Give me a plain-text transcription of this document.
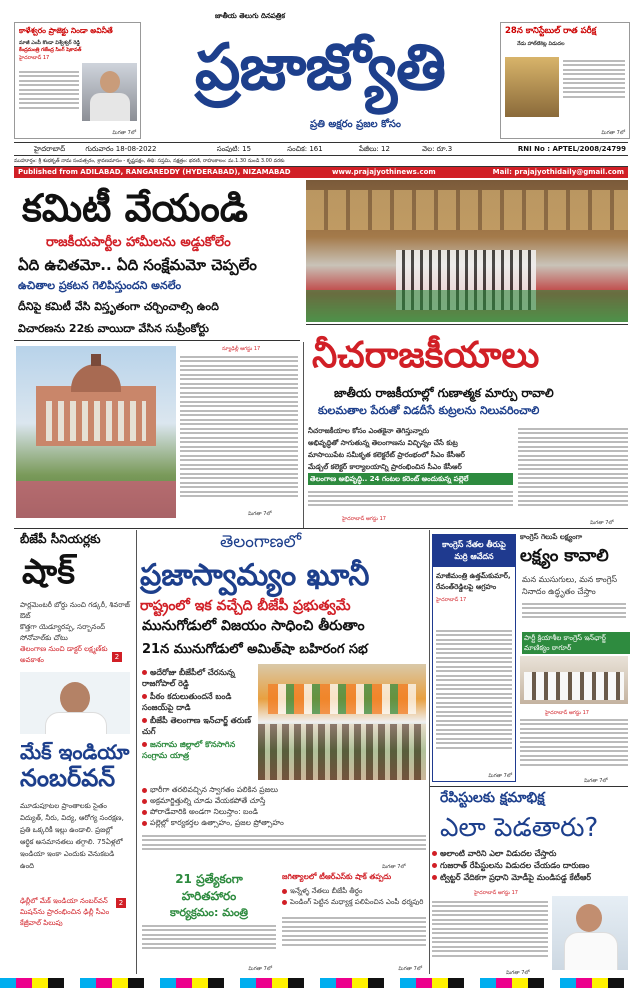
కాళేశ్వరం ప్రాజెక్టు నిండా అవినీతే
మాజీ ఎంపీ కొండా విశ్వేశ్వర్ రెడ్డి
కేంద్రమంత్రి గజేంద్ర సింగ్ షెకావత్
హైదరాబాద్‌ 17
మిగతా 7లో
జాతీయ తెలుగు దినపత్రిక
ప్రజాజ్యోతి
ప్రతి అక్షరం ప్రజల కోసం
28న కానిస్టేబుల్ రాత పరీక్ష
నేడు హాల్‌టికెట్ల విడుదల
మిగతా 7లో
హైదరాబాద్	గురువారం 18-08-2022	సంపుటి: 15	సంచిక: 161	పేజీలు: 12	వెల: రూ.3	RNI No : APTEL/2008/24799
ముహూర్తం: శ్రీ శుభకృత్ నామ సంవత్సరం, శ్రావణమాసం - కృష్ణపక్షం, తిథి: సప్తమి, నక్షత్రం: భరణి, రాహుకాలం: మ.1.30 నుండి 3.00 వరకు
Published from ADILABAD, RANGAREDDY (HYDERABAD), NIZAMABAD	www.prajajyothinews.com	Mail: prajajyothidaily@gmail.com
కమిటీ వేయండి
రాజకీయపార్టీల హామీలను అడ్డుకోలేం
ఏది ఉచితమో.. ఏది సంక్షేమమో చెప్పలేం
ఉచితాల ప్రకటన గెలిపిస్తుందని అనలేం
దీనిపై కమిటీ వేసి విస్తృతంగా చర్చించాల్సి ఉంది
విచారణను 22కు వాయిదా వేసిన సుప్రీంకోర్టు
న్యూఢిల్లీ ఆగస్టు 17
మిగతా 7లో
నీచరాజకీయాలు
జాతీయ రాజకీయాల్లో గుణాత్మక మార్పు రావాలి
కులమతాల పేరుతో విడదీసే కుట్రలను నిలువరించాలి
నీచరాజకీయాల కోసం ఎంతకైనా తెగిస్తున్నారు
అభివృద్ధితో సాగుతున్న తెలంగాణను విచ్ఛిన్నం చేసే కుట్ర
మాసాయిపేట సమీకృత కలెక్టరేట్ ప్రారంభంలో సీఎం కేసీఆర్
మేడ్చల్ కలెక్టర్ కార్యాలయాన్ని ప్రారంభించిన సీఎం కేసీఆర్
తెలంగాణ అభివృద్ధి.. 24 గంటల కరెంట్ అందుకున్న పల్లెలే
హైదరాబాద్‌ ఆగస్టు 17
మిగతా 7లో
బీజేపీ సీనియర్లకు
షాక్
పార్లమెంటరీ బోర్డు నుంచి గడ్కరీ, శివరాజ్ ఔట్
కొత్తగా యెడ్యూరప్ప, సర్బానంద్ సోనోవాల్‌కు చోటు
తెలంగాణ నుంచి డాక్టర్ లక్ష్మణ్‌కు అవకాశం	2
మేక్ ఇండియా
నంబర్‌వన్
మూడుపూటల ప్రాంతాలకు సైతం విద్యుత్, నీరు, విద్య, ఆరోగ్య సంరక్షణ, ప్రతి ఒక్కరికీ ఇల్లు ఉండాలి. ప్రజల్లో ఆర్థిక అసమానతలు తగ్గాలి. 75ఏళ్లలో ఇండియా ఇంకా ఎందుకు వెనుకబడి ఉంది
ఢిల్లీలో మేక్ ఇండియా నంబర్‌వన్ మిషన్‌ను ప్రారంభించిన ఢిల్లీ సీఎం కేజ్రీవాల్ పిలుపు
2
తెలంగాణలో
ప్రజాస్వామ్యం ఖూనీ
రాష్ట్రంలో ఇక వచ్చేది బీజేపీ ప్రభుత్వమే
మునుగోడులో విజయం సాధించి తీరుతాం
21న మునుగోడులో అమిత్‌షా బహిరంగ సభ
అదేరోజు బీజేపీలో చేరనున్న రాజగోపాల్ రెడ్డి
పీఠం కదులుతుందనే బండి సంజయ్‌పై దాడి
బీజేపీ తెలంగాణ ఇన్‌చార్జ్ తరుణ్ చుగ్
జనగామ జిల్లాలో కొనసాగిన సంగ్రామ యాత్ర
భారీగా తరలివచ్చిన స్వాగతం పలికిన ప్రజలు
అక్రమార్జిత్తుల్ని చూడు వేయకపోతే చూస్తే
పోరాడేవారికి అండగా నిలుస్తాం: బండి
పల్లెల్లో కార్యకర్తల ఉత్సాహం, ప్రజల ప్రోత్సాహం
మిగతా 7లో
21 ప్రత్యేకంగా
హరితహారం
కార్యక్రమం: మంత్రి
మిగతా 7లో
జగిత్యాలలో టీఆర్ఎస్‌కు షాక్ తప్పదు
ఇన్నేళ్ళ నేతలు బీజేపీ తీర్థం
పెండింగ్ పెట్టిన మధ్యాక్త పలిపించిన ఎంపీ ధర్మపురి
మిగతా 7లో
కాంగ్రెస్ నేతల తీరుపై మర్రి ఆవేదన
మాజీమంత్రి ఉత్తమ్‌కుమార్, రేవంత్‌రెడ్డిలపై ఆగ్రహం
హైదరాబాద్‌ 17
మిగతా 7లో
కాంగ్రెస్ గెలుపే లక్ష్యంగా
లక్ష్యం కావాలి
మన ముసుగులు, మన కాంగ్రెస్
నినాదం ఉద్ధృతం చేస్తాం
పార్టీ క్రియాశీల కాంగ్రెస్ ఇన్‌ఛార్జ్ మాణిక్యం ఠాగూర్
హైదరాబాద్ ఆగస్టు 17
మిగతా 7లో
రేపిస్టులకు క్షమాభిక్ష
ఎలా పెడతారు?
అలాంటి వారిని ఎలా విడుదల చేస్తారు
గుజరాత్ రేపిస్టులను విడుదల చేయడం దారుణం
ట్విట్టర్ వేదికగా ప్రధాని మోడీపై మండిపడ్డ కేటీఆర్
హైదరాబాద్ ఆగస్టు 17
మిగతా 7లో
